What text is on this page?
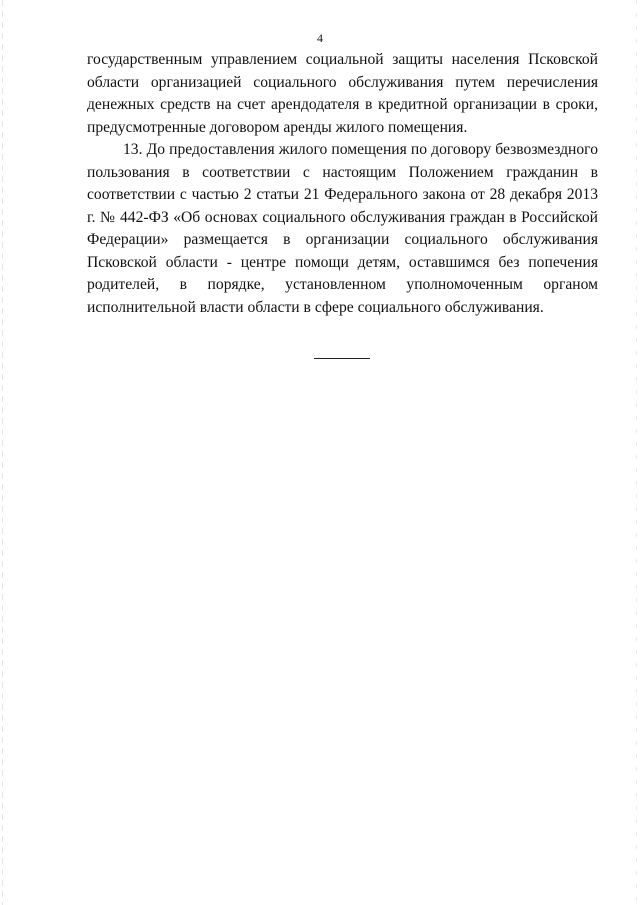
4

государственным управлением социальной защиты населения Псковской области организацией социального обслуживания путем перечисления денежных средств на счет арендодателя в кредитной организации в сроки, предусмотренные договором аренды жилого помещения.

13. До предоставления жилого помещения по договору безвозмездного пользования в соответствии с настоящим Положением гражданин в соответствии с частью 2 статьи 21 Федерального закона от 28 декабря 2013 г. № 442-ФЗ «Об основах социального обслуживания граждан в Российской Федерации» размещается в организации социального обслуживания Псковской области - центре помощи детям, оставшимся без попечения родителей, в порядке, установленном уполномоченным органом исполнительной власти области в сфере социального обслуживания.
